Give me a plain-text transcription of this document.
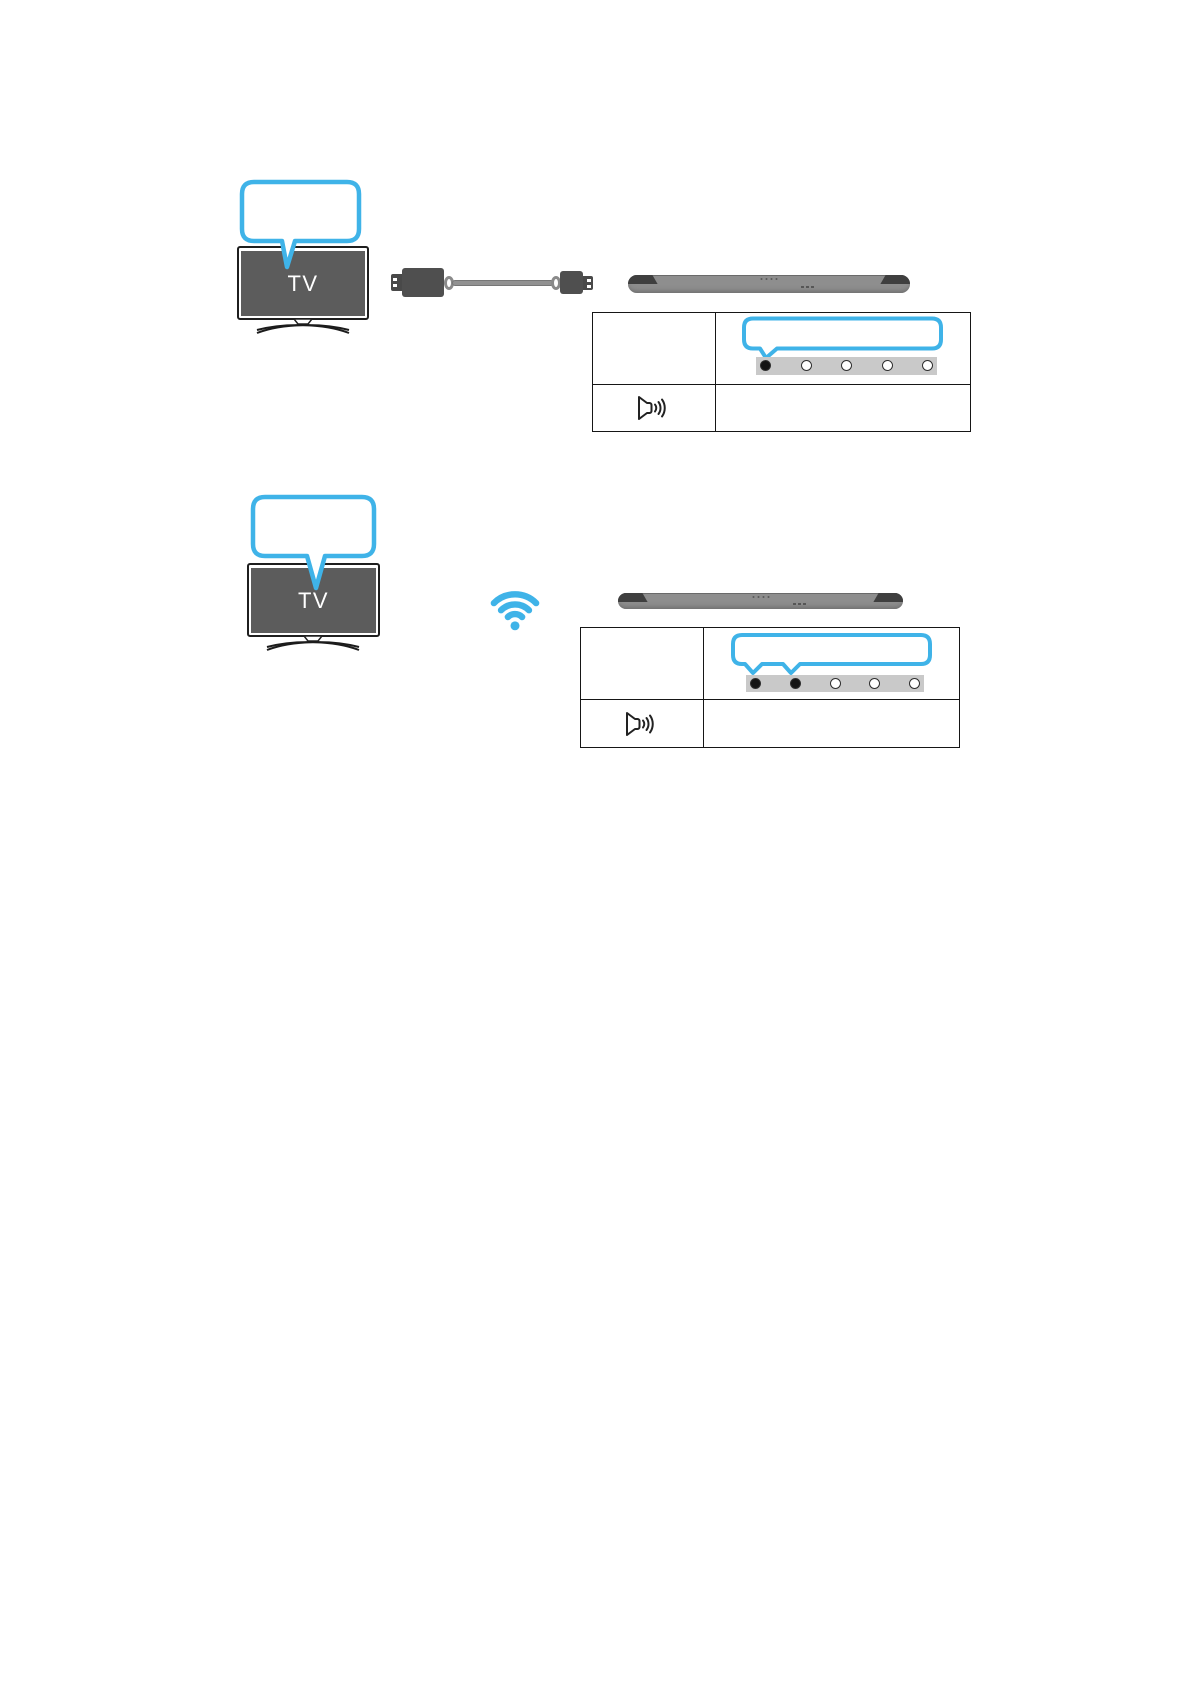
TV
TV
